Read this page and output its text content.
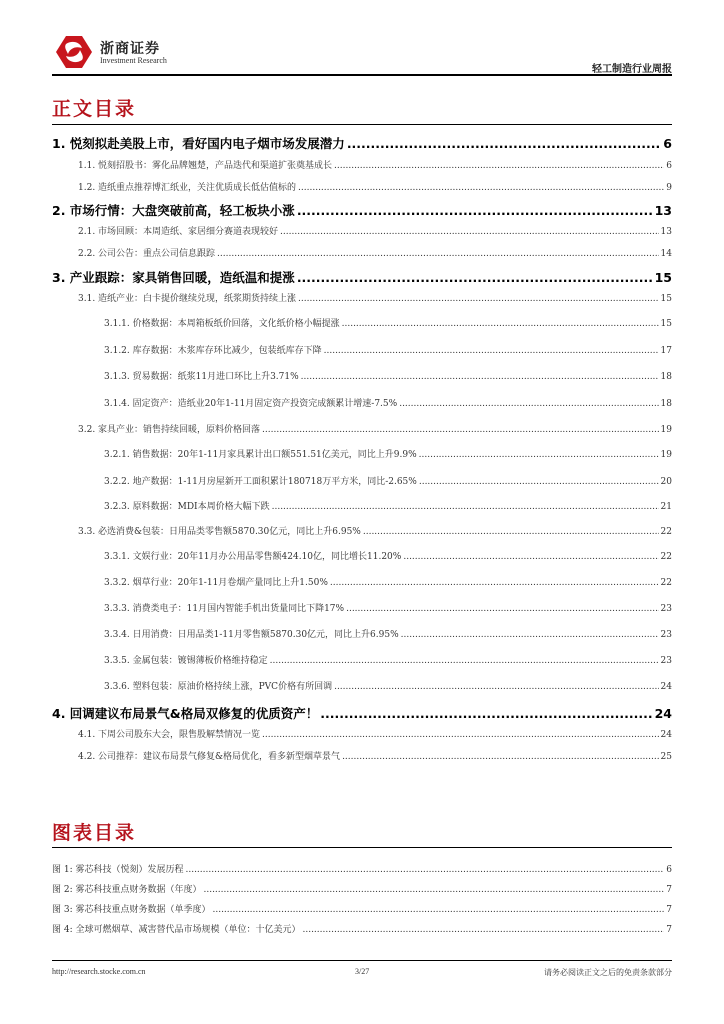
浙商证券
Investment Research
轻工制造行业周报
正文目录
1. 悦刻拟赴美股上市，看好国内电子烟市场发展潜力 .....	6
1.1. 悦刻招股书：雾化品牌翘楚，产品迭代和渠道扩张奠基成长 .....	6
1.2. 造纸重点推荐博汇纸业，关注优质成长低估值标的 .....	9
2. 市场行情：大盘突破前高，轻工板块小涨 .....	13
2.1. 市场回顾：本周造纸、家居细分赛道表现较好 .....	13
2.2. 公司公告：重点公司信息跟踪 .....	14
3. 产业跟踪：家具销售回暖，造纸温和提涨 .....	15
3.1. 造纸产业：白卡提价继续兑现，纸浆期货持续上涨 .....	15
3.1.1. 价格数据：本周箱板纸价回落，文化纸价格小幅提涨 .....	15
3.1.2. 库存数据：木浆库存环比减少，包装纸库存下降 .....	17
3.1.3. 贸易数据：纸浆11月进口环比上升3.71% .....	18
3.1.4. 固定资产：造纸业20年1-11月固定资产投资完成额累计增速-7.5% .....	18
3.2. 家具产业：销售持续回暖，原料价格回落 .....	19
3.2.1. 销售数据：20年1-11月家具累计出口额551.51亿美元，同比上升9.9% .....	19
3.2.2. 地产数据：1-11月房屋新开工面积累计180718万平方米，同比-2.65% .....	20
3.2.3. 原料数据：MDI本周价格大幅下跌 .....	21
3.3. 必选消费&包装：日用品类零售额5870.30亿元，同比上升6.95% .....	22
3.3.1. 文娱行业：20年11月办公用品零售额424.10亿，同比增长11.20% .....	22
3.3.2. 烟草行业：20年1-11月卷烟产量同比上升1.50% .....	22
3.3.3. 消费类电子：11月国内智能手机出货量同比下降17% .....	23
3.3.4. 日用消费：日用品类1-11月零售额5870.30亿元，同比上升6.95% .....	23
3.3.5. 金属包装：镀锡薄板价格维持稳定 .....	23
3.3.6. 塑料包装：原油价格持续上涨，PVC价格有所回调 .....	24
4. 回调建议布局景气&格局双修复的优质资产！ .....	24
4.1. 下周公司股东大会，限售股解禁情况一览 .....	24
4.2. 公司推荐：建议布局景气修复&格局优化，看多新型烟草景气 .....	25
图表目录
图 1: 雾芯科技（悦刻）发展历程 .....	6
图 2: 雾芯科技重点财务数据（年度） .....	7
图 3: 雾芯科技重点财务数据（单季度） .....	7
图 4: 全球可燃烟草、减害替代品市场规模（单位：十亿美元） .....	7
http://research.stocke.com.cn	3/27	请务必阅读正文之后的免责条款部分
